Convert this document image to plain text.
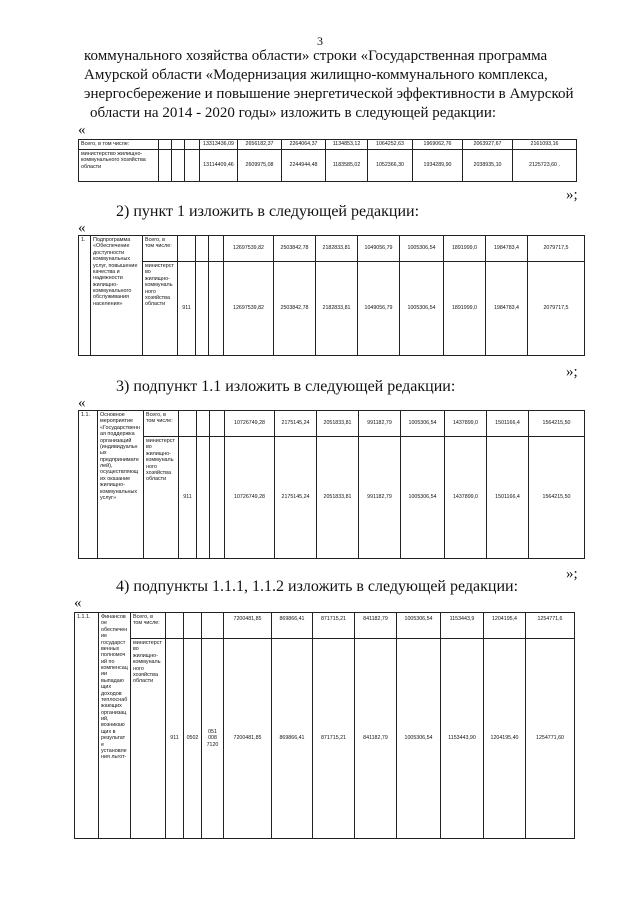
3
коммунального хозяйства области» строки «Государственная программа
Амурской области «Модернизация жилищно-коммунального комплекса,
энергосбережение и повышение энергетической эффективности в Амурской
области на 2014 - 2020 годы» изложить в следующей редакции:
«
Всего, в том числе:				13313436,09	2656182,37	2264064,37	1134853,12	1064252,63	1969062,76	2063927,67	2161093,16
министерство жилищно-коммунального хозяйства области				13114409,46	2609975,08	2244944,48	1183585,02	1052366,30	1934289,90	2038935,10	2125723,60 .
»;
2) пункт 1 изложить в следующей редакции:
«
1.	Подпрограмма «Обеспечение доступности коммунальных услуг, повышение качества и надежности жилищно-коммунального обслуживания населения»	Всего, в том числе:				12697539,82	2503842,78	2182833,81	1049056,79	1005306,54	1891999,0	1984783,4	2079717,5
		министерство жилищно-коммунального хозяйства области	911			12697539,82	2503842,78	2182833,81	1049056,79	1005306,54	1891999,0	1984783,4	2079717,5
»;
3) подпункт 1.1 изложить в следующей редакции:
«
1.1.	Основное мероприятие «Государственная поддержка организаций (индивидуальных предпринимателей), осуществляющих оказание жилищно-коммунальных услуг»	Всего, в том числе:				10726749,28	2175145,24	2051833,81	991182,79	1005306,54	1437899,0	1501166,4	1564215,50
		министерство жилищно-коммунального хозяйства области	911			10726749,28	2175145,24	2051833,81	991182,79	1005306,54	1437899,0	1501166,4	1564215,50
»;
4) подпункты 1.1.1, 1.1.2 изложить в следующей редакции:
«
1.1.1.	Финансовое обеспечение государственных полномочий по компенсации выпадающих доходов теплоснабжающих организаций, возникающих в результате установления льгот-	Всего, в том числе:				7200481,85	869866,41	871715,21	841182,79	1005306,54	1153443,9	1204195,4	1254771,6
		министерство жилищно-коммунального хозяйства области	911	0502	051 008 7120	7200481,85	869866,41	871715,21	841182,79	1005306,54	1153443,90	1204195,40	1254771,60
